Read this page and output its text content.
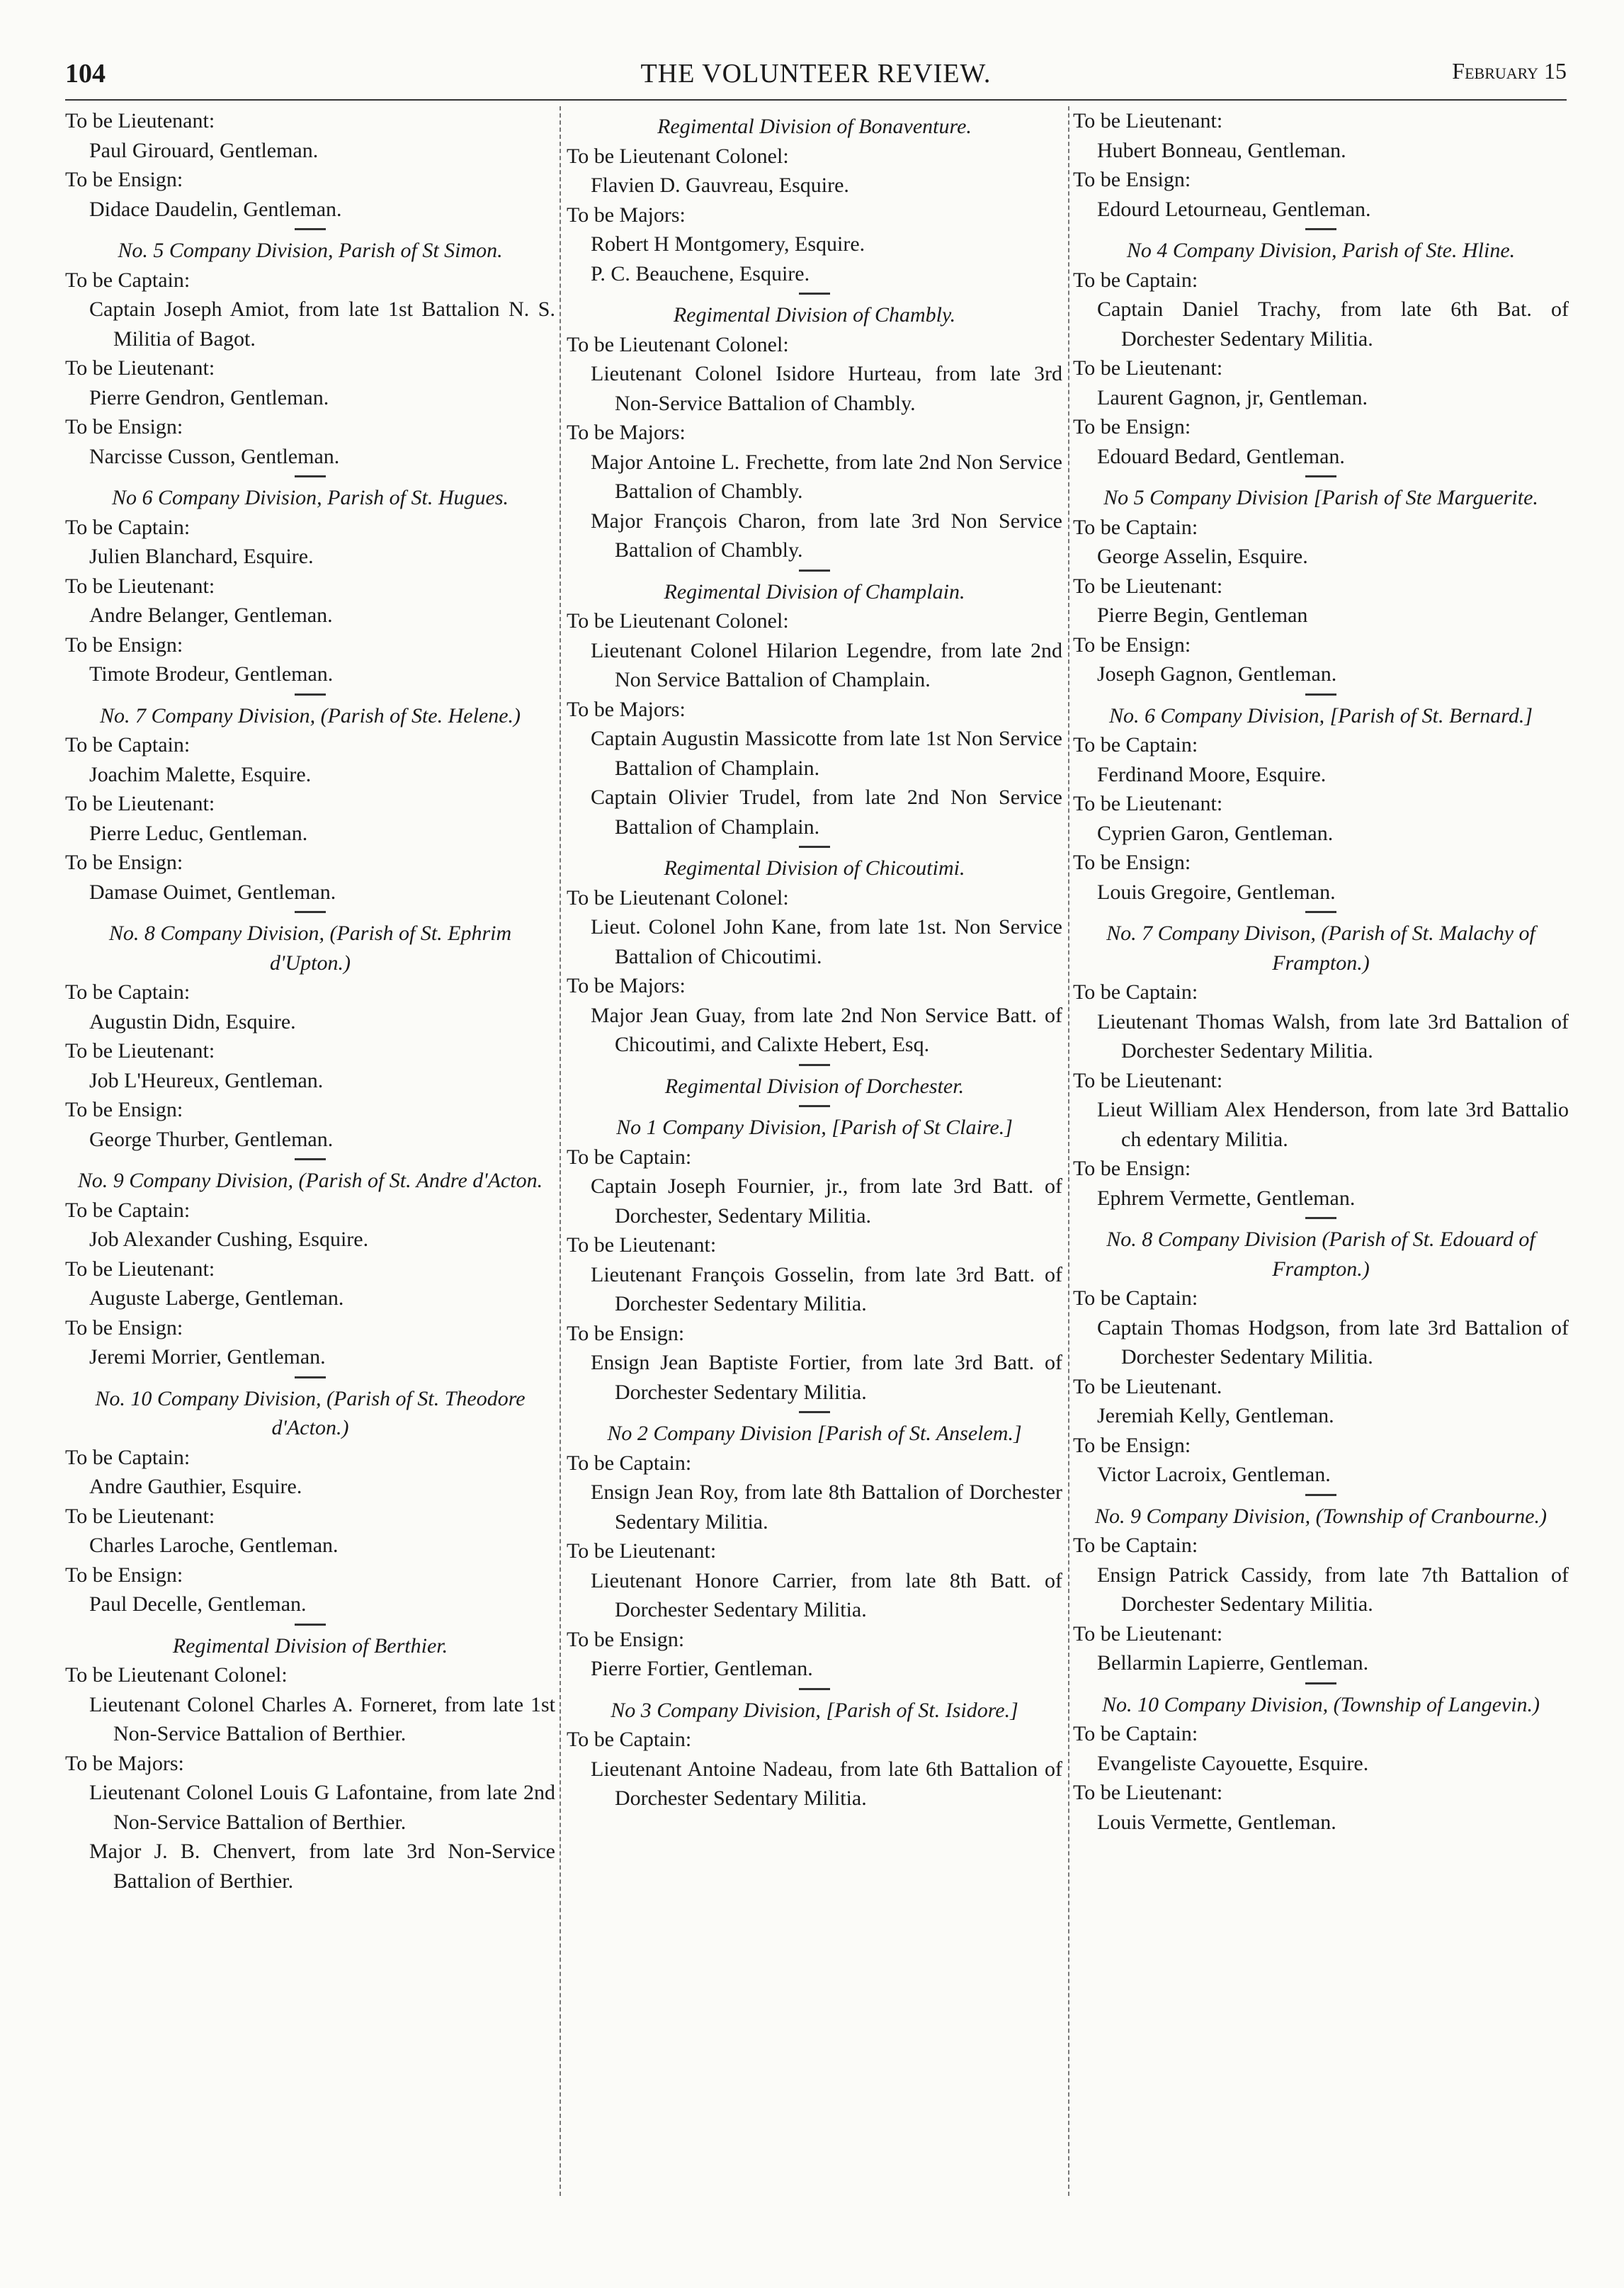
104	THE VOLUNTEER REVIEW.	February 15

To be Lieutenant:

Paul Girouard, Gentleman.

To be Ensign:

Didace Daudelin, Gentleman.

No. 5 Company Division, Parish of St Simon.

To be Captain:

Captain Joseph Amiot, from late 1st Battalion N. S. Militia of Bagot.

To be Lieutenant:

Pierre Gendron, Gentleman.

To be Ensign:

Narcisse Cusson, Gentleman.

No 6 Company Division, Parish of St. Hugues.

To be Captain:

Julien Blanchard, Esquire.

To be Lieutenant:

Andre Belanger, Gentleman.

To be Ensign:

Timote Brodeur, Gentleman.

No. 7 Company Division, (Parish of Ste. Helene.)

To be Captain:

Joachim Malette, Esquire.

To be Lieutenant:

Pierre Leduc, Gentleman.

To be Ensign:

Damase Ouimet, Gentleman.

No. 8 Company Division, (Parish of St. Ephrim d'Upton.)

To be Captain:

Augustin Didn, Esquire.

To be Lieutenant:

Job L'Heureux, Gentleman.

To be Ensign:

George Thurber, Gentleman.

No. 9 Company Division, (Parish of St. Andre d'Acton.

To be Captain:

Job Alexander Cushing, Esquire.

To be Lieutenant:

Auguste Laberge, Gentleman.

To be Ensign:

Jeremi Morrier, Gentleman.

No. 10 Company Division, (Parish of St. Theodore d'Acton.)

To be Captain:

Andre Gauthier, Esquire.

To be Lieutenant:

Charles Laroche, Gentleman.

To be Ensign:

Paul Decelle, Gentleman.

Regimental Division of Berthier.

To be Lieutenant Colonel:

Lieutenant Colonel Charles A. Forneret, from late 1st Non-Service Battalion of Berthier.

To be Majors:

Lieutenant Colonel Louis G Lafontaine, from late 2nd Non-Service Battalion of Berthier.

Major J. B. Chenvert, from late 3rd Non-Service Battalion of Berthier.

Regimental Division of Bonaventure.

To be Lieutenant Colonel:

Flavien D. Gauvreau, Esquire.

To be Majors:

Robert H Montgomery, Esquire.

P. C. Beauchene, Esquire.

Regimental Division of Chambly.

To be Lieutenant Colonel:

Lieutenant Colonel Isidore Hurteau, from late 3rd Non-Service Battalion of Chambly.

To be Majors:

Major Antoine L. Frechette, from late 2nd Non Service Battalion of Chambly.

Major François Charon, from late 3rd Non Service Battalion of Chambly.

Regimental Division of Champlain.

To be Lieutenant Colonel:

Lieutenant Colonel Hilarion Legendre, from late 2nd Non Service Battalion of Champlain.

To be Majors:

Captain Augustin Massicotte from late 1st Non Service Battalion of Champlain.

Captain Olivier Trudel, from late 2nd Non Service Battalion of Champlain.

Regimental Division of Chicoutimi.

To be Lieutenant Colonel:

Lieut. Colonel John Kane, from late 1st. Non Service Battalion of Chicoutimi.

To be Majors:

Major Jean Guay, from late 2nd Non Service Batt. of Chicoutimi, and Calixte Hebert, Esq.

Regimental Division of Dorchester.

No 1 Company Division, [Parish of St Claire.]

To be Captain:

Captain Joseph Fournier, jr., from late 3rd Batt. of Dorchester, Sedentary Militia.

To be Lieutenant:

Lieutenant François Gosselin, from late 3rd Batt. of Dorchester Sedentary Militia.

To be Ensign:

Ensign Jean Baptiste Fortier, from late 3rd Batt. of Dorchester Sedentary Militia.

No 2 Company Division [Parish of St. Anselem.]

To be Captain:

Ensign Jean Roy, from late 8th Battalion of Dorchester Sedentary Militia.

To be Lieutenant:

Lieutenant Honore Carrier, from late 8th Batt. of Dorchester Sedentary Militia.

To be Ensign:

Pierre Fortier, Gentleman.

No 3 Company Division, [Parish of St. Isidore.]

To be Captain:

Lieutenant Antoine Nadeau, from late 6th Battalion of Dorchester Sedentary Militia.

To be Lieutenant:

Hubert Bonneau, Gentleman.

To be Ensign:

Edourd Letourneau, Gentleman.

No 4 Company Division, Parish of Ste. Hline.

To be Captain:

Captain Daniel Trachy, from late 6th Bat. of Dorchester Sedentary Militia.

To be Lieutenant:

Laurent Gagnon, jr, Gentleman.

To be Ensign:

Edouard Bedard, Gentleman.

No 5 Company Division [Parish of Ste Marguerite.

To be Captain:

George Asselin, Esquire.

To be Lieutenant:

Pierre Begin, Gentleman

To be Ensign:

Joseph Gagnon, Gentleman.

No. 6 Company Division, [Parish of St. Bernard.]

To be Captain:

Ferdinand Moore, Esquire.

To be Lieutenant:

Cyprien Garon, Gentleman.

To be Ensign:

Louis Gregoire, Gentleman.

No. 7 Company Divison, (Parish of St. Malachy of Frampton.)

To be Captain:

Lieutenant Thomas Walsh, from late 3rd Battalion of Dorchester Sedentary Militia.

To be Lieutenant:

Lieut William Alex Henderson, from late 3rd Battalio ch edentary Militia.

To be Ensign:

Ephrem Vermette, Gentleman.

No. 8 Company Division (Parish of St. Edouard of Frampton.)

To be Captain:

Captain Thomas Hodgson, from late 3rd Battalion of Dorchester Sedentary Militia.

To be Lieutenant.

Jeremiah Kelly, Gentleman.

To be Ensign:

Victor Lacroix, Gentleman.

No. 9 Company Division, (Township of Cranbourne.)

To be Captain:

Ensign Patrick Cassidy, from late 7th Battalion of Dorchester Sedentary Militia.

To be Lieutenant:

Bellarmin Lapierre, Gentleman.

No. 10 Company Division, (Township of Langevin.)

To be Captain:

Evangeliste Cayouette, Esquire.

To be Lieutenant:

Louis Vermette, Gentleman.
